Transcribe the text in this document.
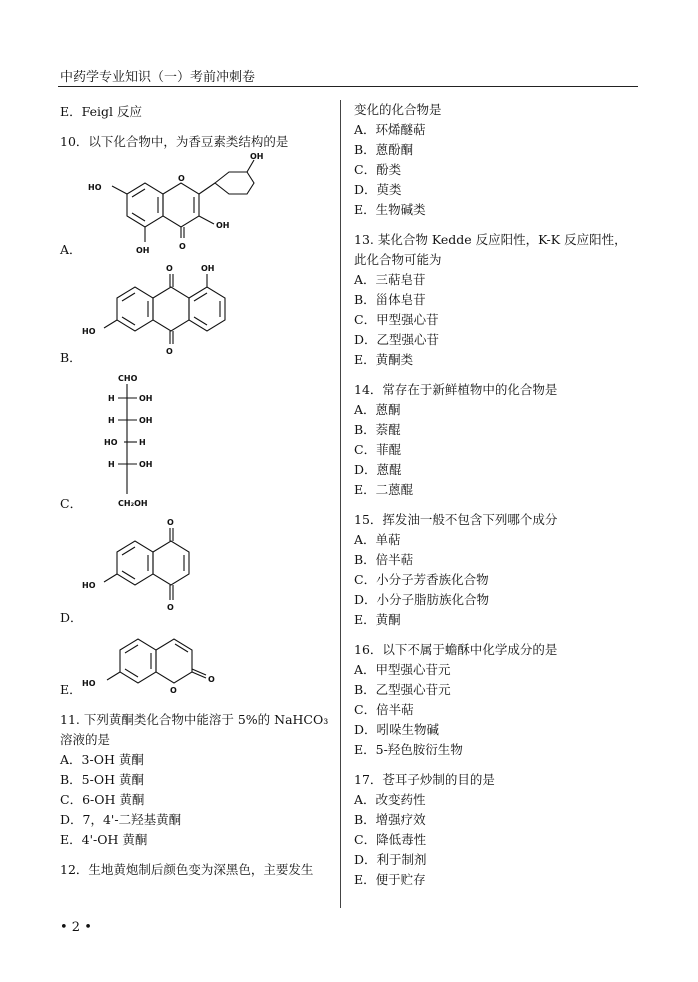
中药学专业知识（一）考前冲刺卷
E．Feigl 反应
10．以下化合物中，为香豆素类结构的是
HO
OH
OH
OH
O
O
A．
O	OH
HO
O
B．
CHO
H	OH
H	OH
HO	H
H	OH
CH₂OH
C．
O
HO
O
D．
HO
O
O
E．
11. 下列黄酮类化合物中能溶于 5%的 NaHCO₃
溶液的是
A．3-OH 黄酮
B．5-OH 黄酮
C．6-OH 黄酮
D．7，4'-二羟基黄酮
E．4'-OH 黄酮
12．生地黄炮制后颜色变为深黑色，主要发生
变化的化合物是
A．环烯醚萜
B．蒽酚酮
C．酚类
D．萸类
E．生物碱类
13. 某化合物 Kedde 反应阳性，K-K 反应阳性，
此化合物可能为
A．三萜皂苷
B．甾体皂苷
C．甲型强心苷
D．乙型强心苷
E．黄酮类
14．常存在于新鲜植物中的化合物是
A．蒽酮
B．萘醌
C．菲醌
D．蒽醌
E．二蒽醌
15．挥发油一般不包含下列哪个成分
A．单萜
B．倍半萜
C．小分子芳香族化合物
D．小分子脂肪族化合物
E．黄酮
16．以下不属于蟾酥中化学成分的是
A．甲型强心苷元
B．乙型强心苷元
C．倍半萜
D．吲哚生物碱
E．5-羟色胺衍生物
17．苍耳子炒制的目的是
A．改变药性
B．增强疗效
C．降低毒性
D．利于制剂
E．便于贮存
• 2 •
